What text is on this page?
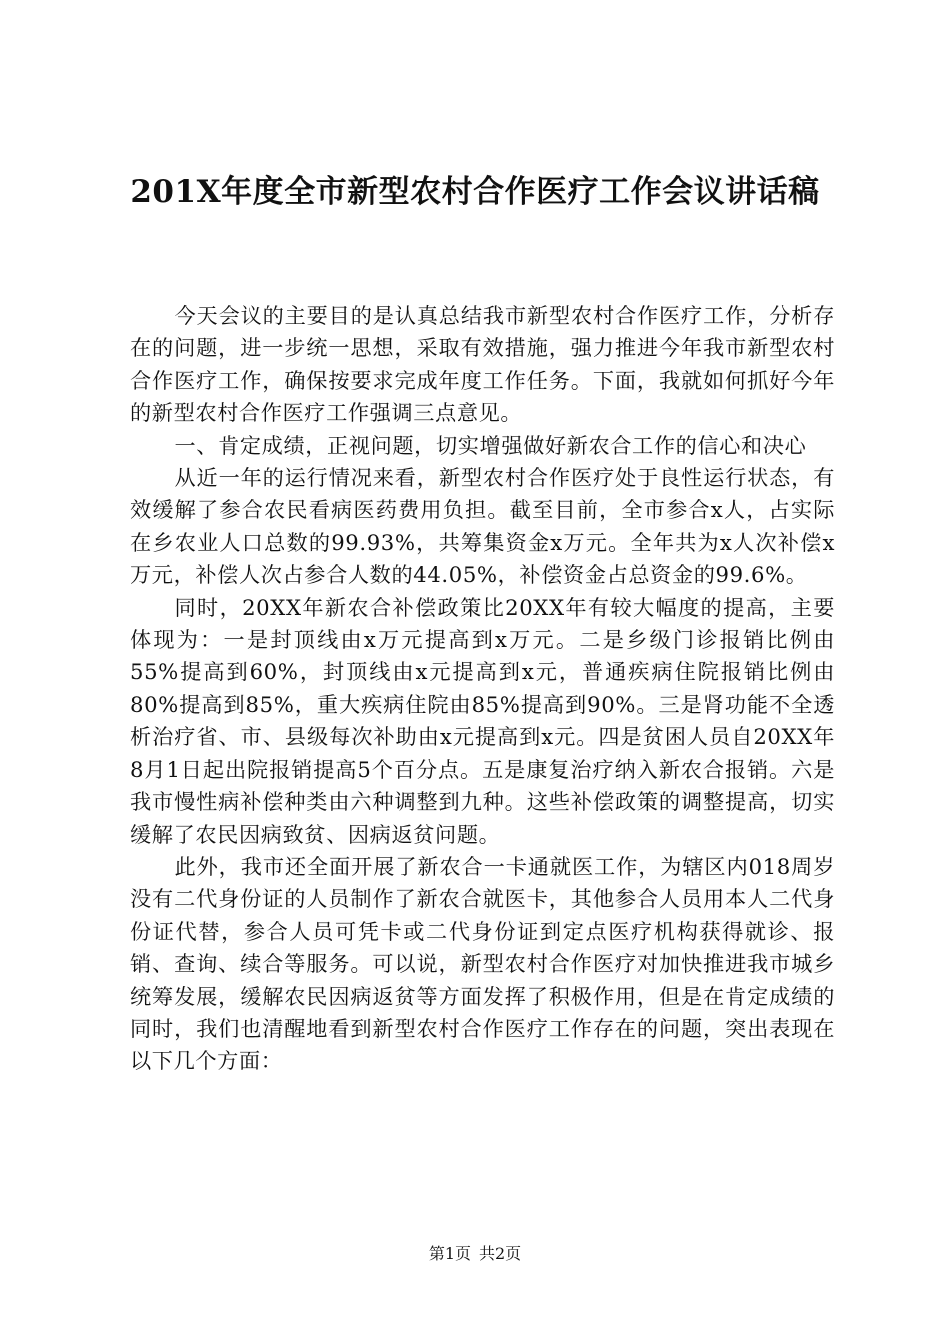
201X年度全市新型农村合作医疗工作会议讲话稿

今天会议的主要目的是认真总结我市新型农村合作医疗工作，分析存在的问题，进一步统一思想，采取有效措施，强力推进今年我市新型农村合作医疗工作，确保按要求完成年度工作任务。下面，我就如何抓好今年的新型农村合作医疗工作强调三点意见。

一、肯定成绩，正视问题，切实增强做好新农合工作的信心和决心

从近一年的运行情况来看，新型农村合作医疗处于良性运行状态，有效缓解了参合农民看病医药费用负担。截至目前，全市参合x人，占实际在乡农业人口总数的99.93%，共筹集资金x万元。全年共为x人次补偿x万元，补偿人次占参合人数的44.05%，补偿资金占总资金的99.6%。

同时，20XX年新农合补偿政策比20XX年有较大幅度的提高，主要体现为：一是封顶线由x万元提高到x万元。二是乡级门诊报销比例由55%提高到60%，封顶线由x元提高到x元，普通疾病住院报销比例由80%提高到85%，重大疾病住院由85%提高到90%。三是肾功能不全透析治疗省、市、县级每次补助由x元提高到x元。四是贫困人员自20XX年8月1日起出院报销提高5个百分点。五是康复治疗纳入新农合报销。六是我市慢性病补偿种类由六种调整到九种。这些补偿政策的调整提高，切实缓解了农民因病致贫、因病返贫问题。

此外，我市还全面开展了新农合一卡通就医工作，为辖区内018周岁没有二代身份证的人员制作了新农合就医卡，其他参合人员用本人二代身份证代替，参合人员可凭卡或二代身份证到定点医疗机构获得就诊、报销、查询、续合等服务。可以说，新型农村合作医疗对加快推进我市城乡统筹发展，缓解农民因病返贫等方面发挥了积极作用，但是在肯定成绩的同时，我们也清醒地看到新型农村合作医疗工作存在的问题，突出表现在以下几个方面：

第1页 共2页
